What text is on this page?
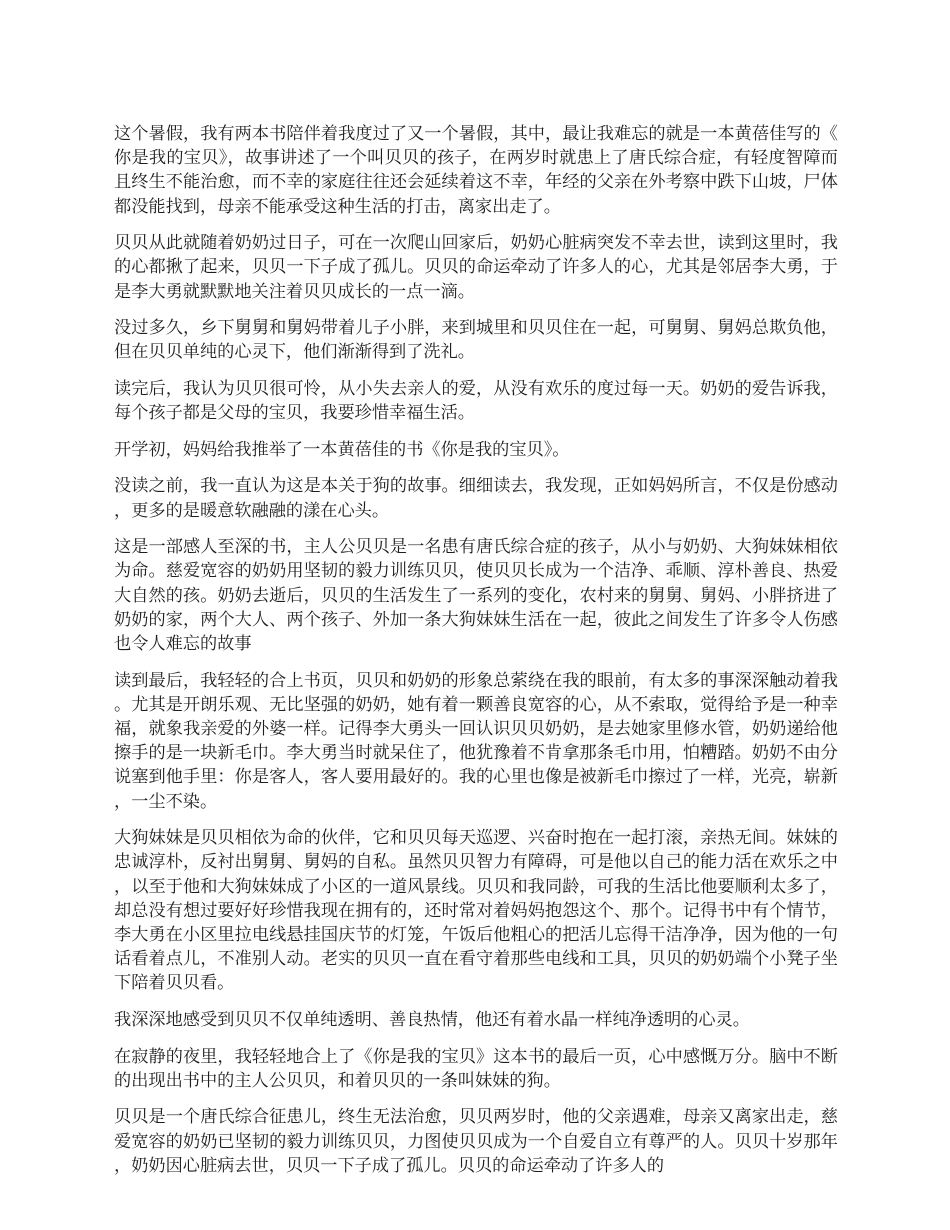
这个暑假，我有两本书陪伴着我度过了又一个暑假，其中，最让我难忘的就是一本黄蓓佳写的《你是我的宝贝》，故事讲述了一个叫贝贝的孩子，在两岁时就患上了唐氏综合症，有轻度智障而且终生不能治愈，而不幸的家庭往往还会延续着这不幸，年经的父亲在外考察中跌下山坡，尸体都没能找到，母亲不能承受这种生活的打击，离家出走了。

贝贝从此就随着奶奶过日子，可在一次爬山回家后，奶奶心脏病突发不幸去世，读到这里时，我的心都揪了起来，贝贝一下子成了孤儿。贝贝的命运牵动了许多人的心，尤其是邻居李大勇，于是李大勇就默默地关注着贝贝成长的一点一滴。

没过多久，乡下舅舅和舅妈带着儿子小胖，来到城里和贝贝住在一起，可舅舅、舅妈总欺负他，但在贝贝单纯的心灵下，他们渐渐得到了洗礼。

读完后，我认为贝贝很可怜，从小失去亲人的爱，从没有欢乐的度过每一天。奶奶的爱告诉我，每个孩子都是父母的宝贝，我要珍惜幸福生活。

开学初，妈妈给我推举了一本黄蓓佳的书《你是我的宝贝》。

没读之前，我一直认为这是本关于狗的故事。细细读去，我发现，正如妈妈所言，不仅是份感动，更多的是暖意软融融的漾在心头。

这是一部感人至深的书，主人公贝贝是一名患有唐氏综合症的孩子，从小与奶奶、大狗妹妹相依为命。慈爱宽容的奶奶用坚韧的毅力训练贝贝，使贝贝长成为一个洁净、乖顺、淳朴善良、热爱大自然的孩。奶奶去逝后，贝贝的生活发生了一系列的变化，农村来的舅舅、舅妈、小胖挤进了奶奶的家，两个大人、两个孩子、外加一条大狗妹妹生活在一起，彼此之间发生了许多令人伤感也令人难忘的故事

读到最后，我轻轻的合上书页，贝贝和奶奶的形象总萦绕在我的眼前，有太多的事深深触动着我。尤其是开朗乐观、无比坚强的奶奶，她有着一颗善良宽容的心，从不索取，觉得给予是一种幸福，就象我亲爱的外婆一样。记得李大勇头一回认识贝贝奶奶，是去她家里修水管，奶奶递给他擦手的是一块新毛巾。李大勇当时就呆住了，他犹豫着不肯拿那条毛巾用，怕糟踏。奶奶不由分说塞到他手里：你是客人，客人要用最好的。我的心里也像是被新毛巾擦过了一样，光亮，崭新，一尘不染。

大狗妹妹是贝贝相依为命的伙伴，它和贝贝每天巡逻、兴奋时抱在一起打滚，亲热无间。妹妹的忠诚淳朴，反衬出舅舅、舅妈的自私。虽然贝贝智力有障碍，可是他以自己的能力活在欢乐之中，以至于他和大狗妹妹成了小区的一道风景线。贝贝和我同龄，可我的生活比他要顺利太多了，却总没有想过要好好珍惜我现在拥有的，还时常对着妈妈抱怨这个、那个。记得书中有个情节，李大勇在小区里拉电线悬挂国庆节的灯笼，午饭后他粗心的把活儿忘得干洁净净，因为他的一句话看着点儿，不准别人动。老实的贝贝一直在看守着那些电线和工具，贝贝的奶奶端个小凳子坐下陪着贝贝看。

我深深地感受到贝贝不仅单纯透明、善良热情，他还有着水晶一样纯净透明的心灵。

在寂静的夜里，我轻轻地合上了《你是我的宝贝》这本书的最后一页，心中感慨万分。脑中不断的出现出书中的主人公贝贝，和着贝贝的一条叫妹妹的狗。

贝贝是一个唐氏综合征患儿，终生无法治愈，贝贝两岁时，他的父亲遇难，母亲又离家出走，慈爱宽容的奶奶已坚韧的毅力训练贝贝，力图使贝贝成为一个自爱自立有尊严的人。贝贝十岁那年，奶奶因心脏病去世，贝贝一下子成了孤儿。贝贝的命运牵动了许多人的
